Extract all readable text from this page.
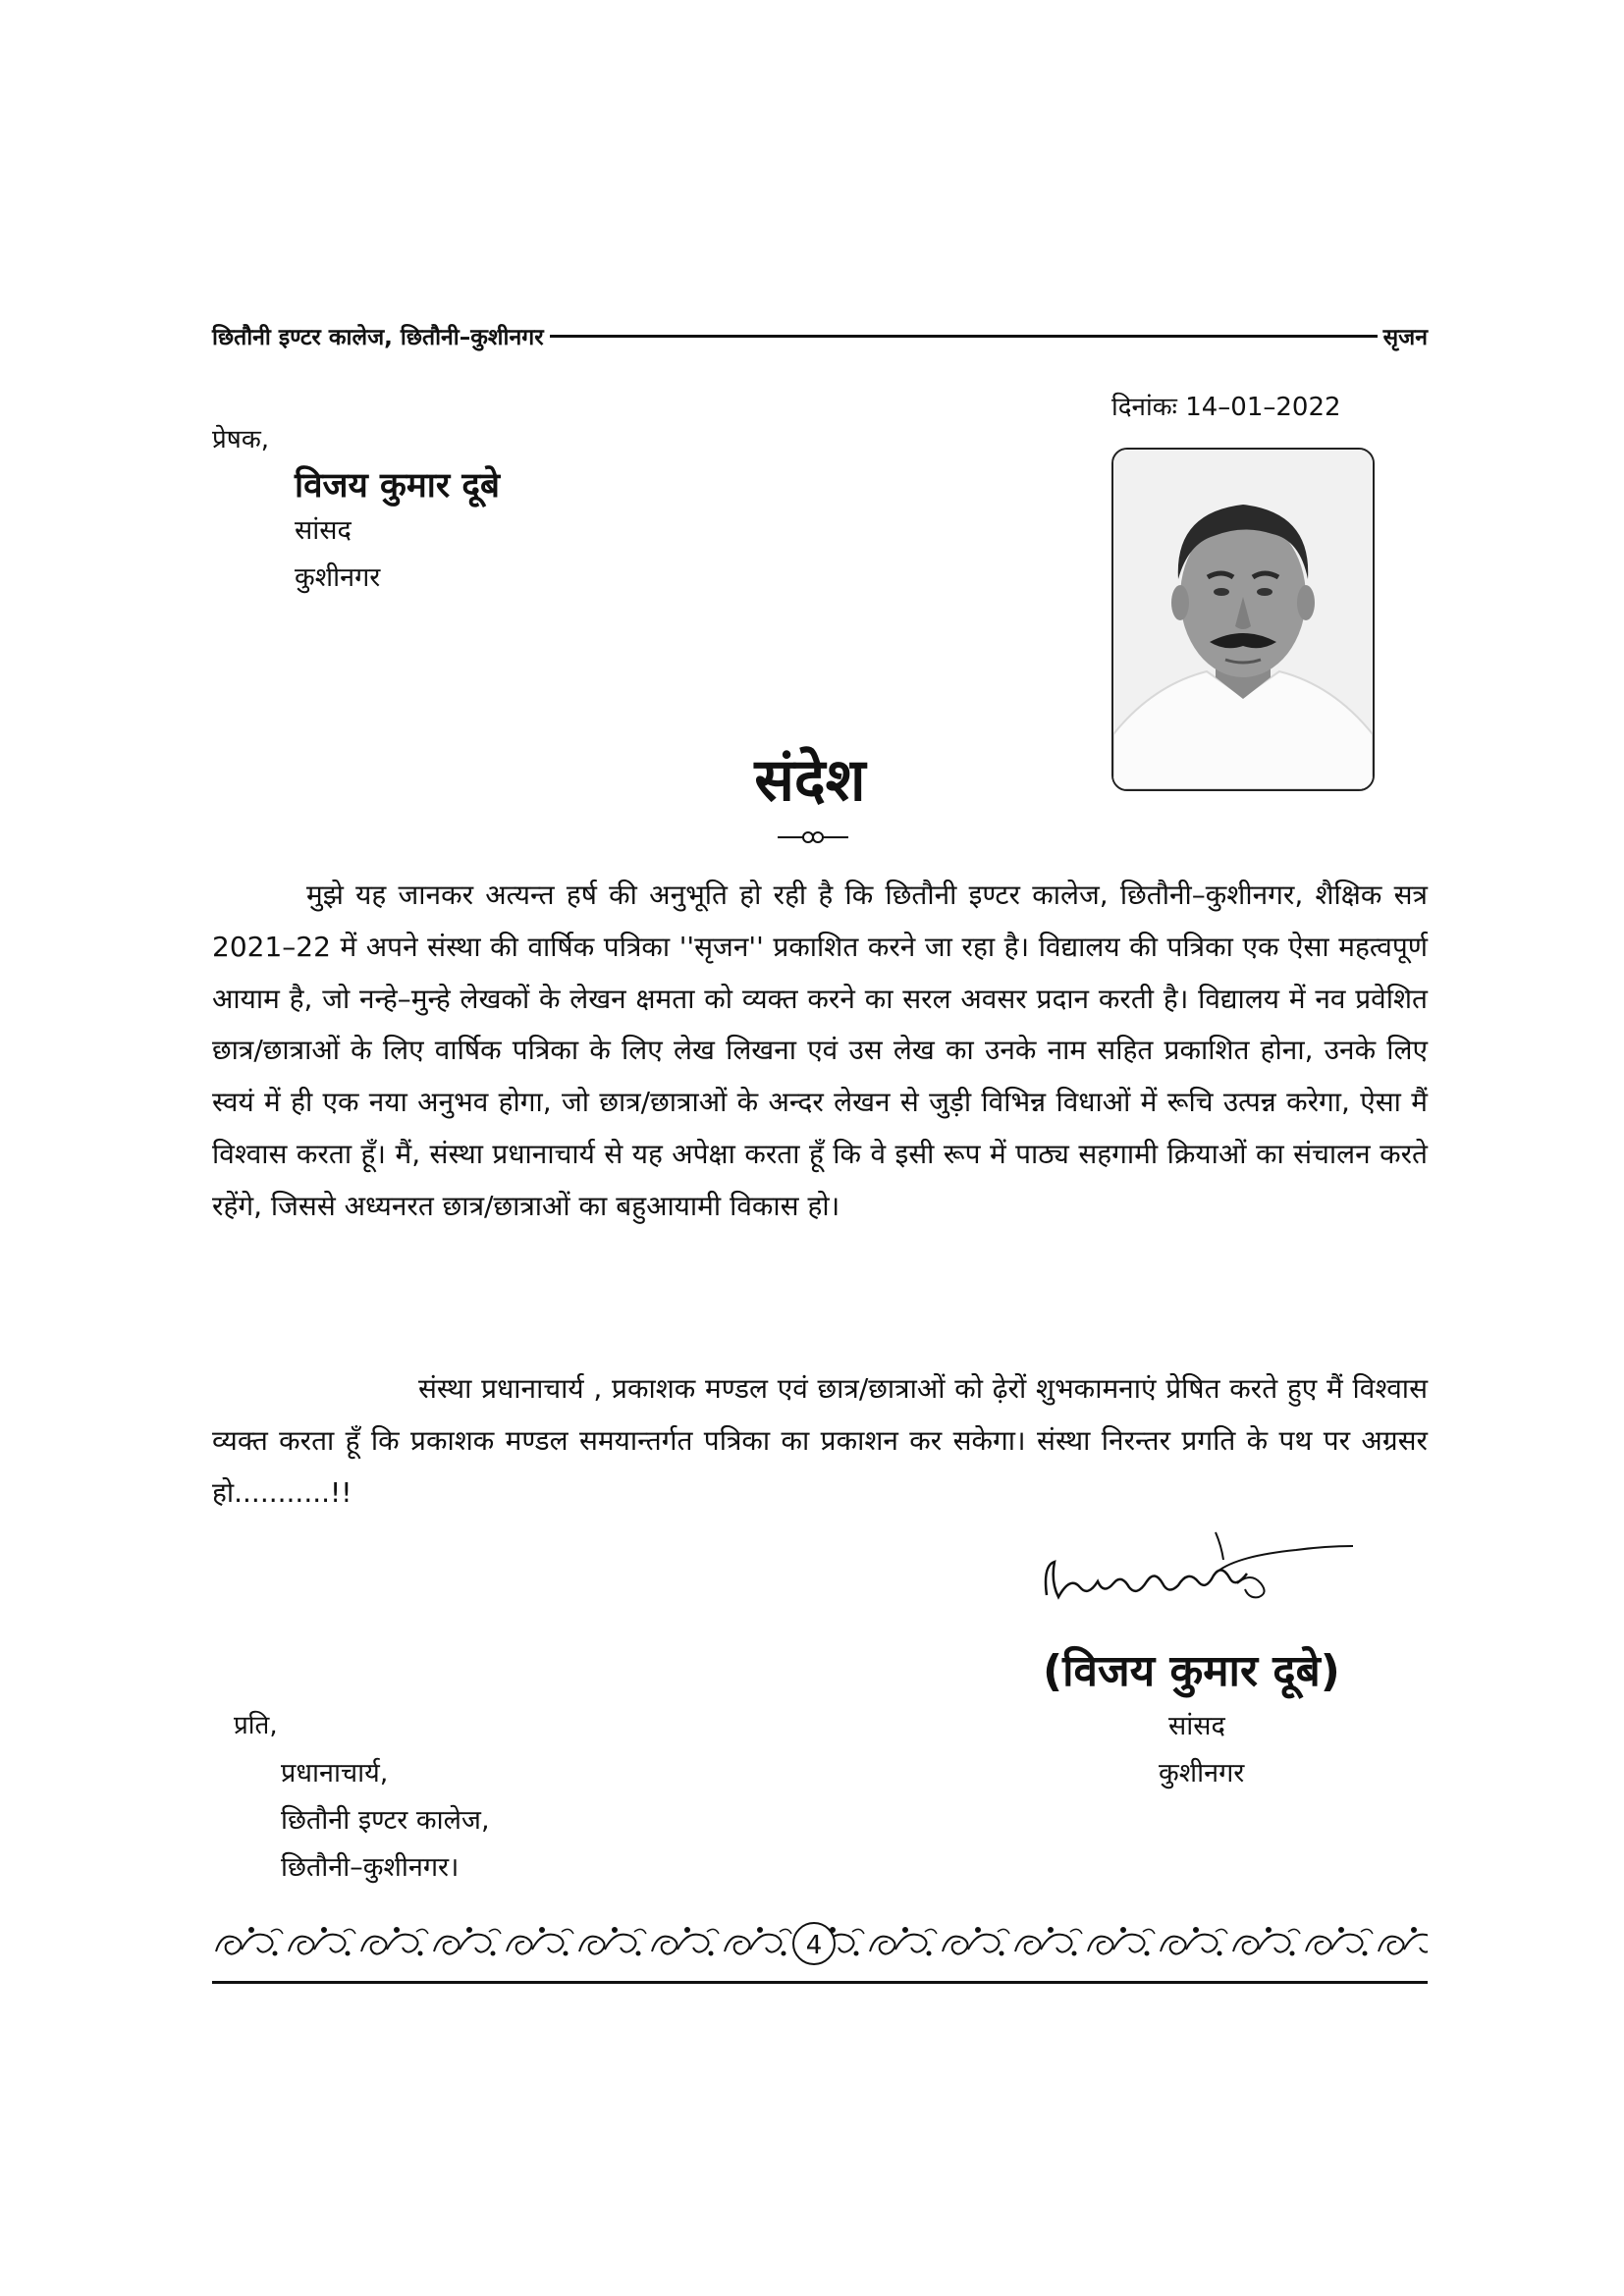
छितौनी इण्टर कालेज, छितौनी–कुशीनगर	सृजन
दिनांकः 14–01–2022
प्रेषक,
विजय कुमार दूबे
सांसद
कुशीनगर
संदेश
मुझे यह जानकर अत्यन्त हर्ष की अनुभूति हो रही है कि छितौनी इण्टर कालेज, छितौनी–कुशीनगर, शैक्षिक सत्र 2021–22 में अपने संस्था की वार्षिक पत्रिका ''सृजन'' प्रकाशित करने जा रहा है। विद्यालय की पत्रिका एक ऐसा महत्वपूर्ण आयाम है, जो नन्हे–मुन्हे लेखकों के लेखन क्षमता को व्यक्त करने का सरल अवसर प्रदान करती है। विद्यालय में नव प्रवेशित छात्र/छात्राओं के लिए वार्षिक पत्रिका के लिए लेख लिखना एवं उस लेख का उनके नाम सहित प्रकाशित होना, उनके लिए स्वयं में ही एक नया अनुभव होगा, जो छात्र/छात्राओं के अन्दर लेखन से जुड़ी विभिन्न विधाओं में रूचि उत्पन्न करेगा, ऐसा मैं विश्वास करता हूँ। मैं, संस्था प्रधानाचार्य से यह अपेक्षा करता हूँ कि वे इसी रूप में पाठ्य सहगामी क्रियाओं का संचालन करते रहेंगे, जिससे अध्यनरत छात्र/छात्राओं का बहुआयामी विकास हो।
संस्था प्रधानाचार्य , प्रकाशक मण्डल एवं छात्र/छात्राओं को ढ़ेरों शुभकामनाएं प्रेषित करते हुए मैं विश्वास व्यक्त करता हूँ कि प्रकाशक मण्डल समयान्तर्गत पत्रिका का प्रकाशन कर सकेगा। संस्था निरन्तर प्रगति के पथ पर अग्रसर हो...........!!
(विजय कुमार दूबे)
सांसद
कुशीनगर
प्रति,
प्रधानाचार्य,
छितौनी इण्टर कालेज,
छितौनी–कुशीनगर।
4
